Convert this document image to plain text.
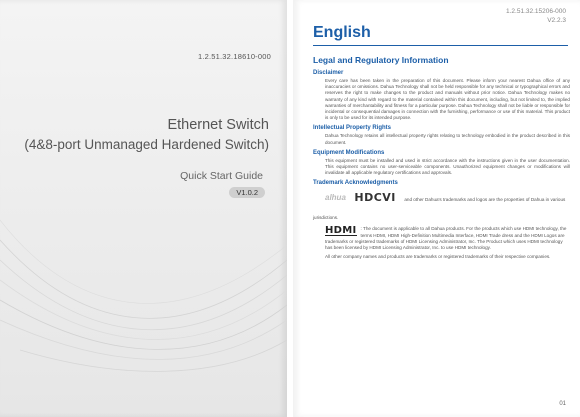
1.2.51.32.18610-000
Ethernet Switch
(4&8-port Unmanaged Hardened Switch)
Quick Start Guide
V1.0.2
1.2.51.32.15206-000
V2.2.3
English
Legal and Regulatory Information
Disclaimer

Every care has been taken in the preparation of this document. Please inform your nearest Dahua office of any inaccuracies or omissions. Dahua Technology shall not be held responsible for any technical or typographical errors and reserves the right to make changes to the product and manuals without prior notice. Dahua Technology makes no warranty of any kind with regard to the material contained within this document, including, but not limited to, the implied warranties of merchantability and fitness for a particular purpose. Dahua Technology shall not be liable or responsible for incidental or consequential damages in connection with the furnishing, performance or use of this material. This product is only to be used for its intended purpose.

Intellectual Property Rights

Dahua Technology retains all intellectual property rights relating to technology embodied in the product described in this document.

Equipment Modifications

This equipment must be installed and used in strict accordance with the instructions given in the user documentation. This equipment contains no user-serviceable components. Unauthorized equipment changes or modifications will invalidate all applicable regulatory certifications and approvals.

Trademark Acknowledgments
alhua HDCVI and other Dahua's trademarks and logos are the properties of Dahua in various jurisdictions.
HDMI : The document is applicable to all Dahua products. For the products which use HDMI technology, the terms HDMI, HDMI High-Definition Multimedia Interface, HDMI Trade dress and the HDMI Logos are trademarks or registered trademarks of HDMI Licensing Administrator, Inc. The Product which uses HDMI technology has been licensed by HDMI Licensing Administrator, Inc. to use HDMI technology.

All other company names and products are trademarks or registered trademarks of their respective companies.

01
